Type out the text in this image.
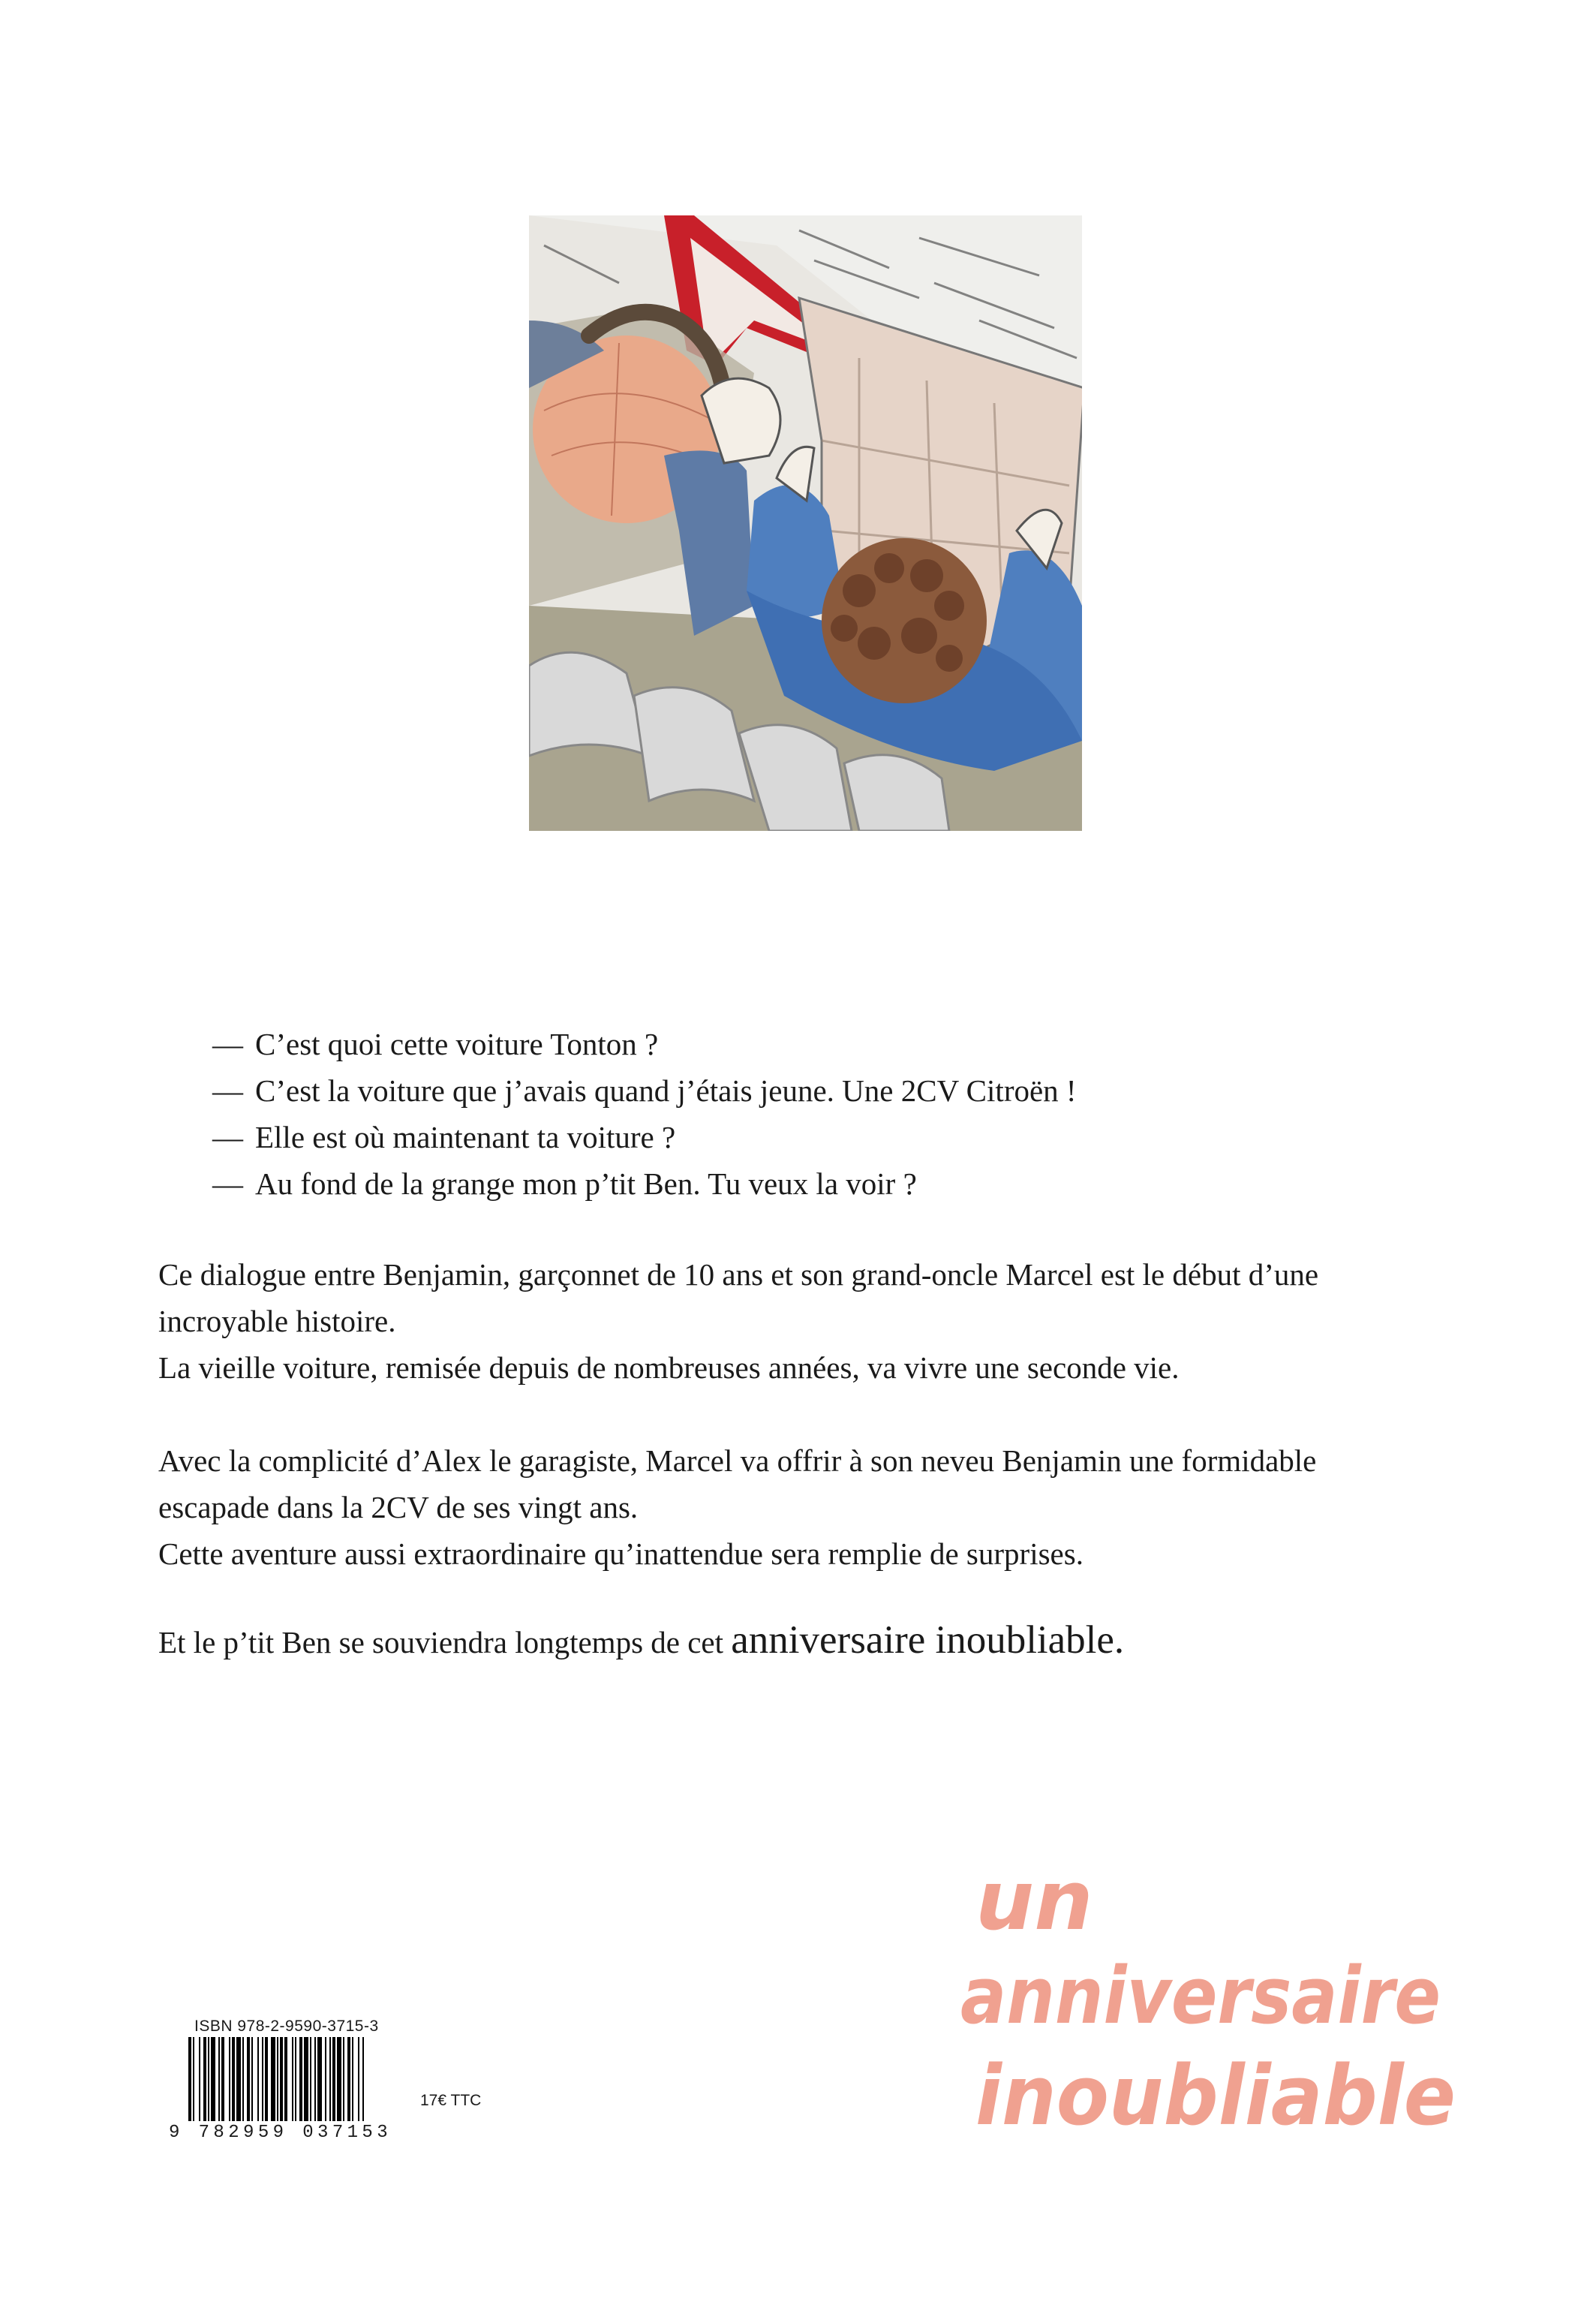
— C’est quoi cette voiture Tonton ?
— C’est la voiture que j’avais quand j’étais jeune. Une 2CV Citroën !
— Elle est où maintenant ta voiture ?
— Au fond de la grange mon p’tit Ben. Tu veux la voir ?

Ce dialogue entre Benjamin, garçonnet de 10 ans et son grand-oncle Marcel est le début d’une
incroyable histoire.
La vieille voiture, remisée depuis de nombreuses années, va vivre une seconde vie.

Avec la complicité d’Alex le garagiste, Marcel va offrir à son neveu Benjamin une formidable
escapade dans la 2CV de ses vingt ans.
Cette aventure aussi extraordinaire qu’inattendue sera remplie de surprises.

Et le p’tit Ben se souviendra longtemps de cet anniversaire inoubliable.

ISBN 978-2-9590-3715-3
9 782959 037153
17€ TTC
un
anniversaire
inoubliable
